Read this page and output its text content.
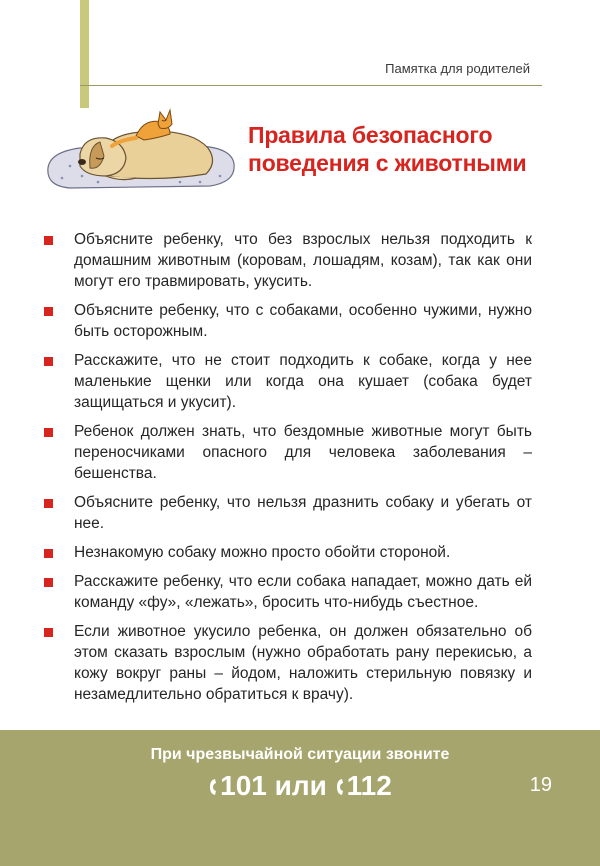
Памятка для родителей
Правила безопасного
поведения с животными
Объясните ребенку, что без взрослых нельзя подходить к домашним животным (коровам, лошадям, козам), так как они могут его травмировать, укусить.
Объясните ребенку, что с собаками, особенно чужими, нужно быть осторожным.
Расскажите, что не стоит подходить к собаке, когда у нее маленькие щенки или когда она кушает (собака будет защищаться и укусит).
Ребенок должен знать, что бездомные животные могут быть переносчиками опасного для человека заболевания – бешенства.
Объясните ребенку, что нельзя дразнить собаку и убегать от нее.
Незнакомую собаку можно просто обойти стороной.
Расскажите ребенку, что если собака нападает, можно дать ей команду «фу», «лежать», бросить что-нибудь съестное.
Если животное укусило ребенка, он должен обязательно об этом сказать взрослым (нужно обработать рану перекисью, а кожу вокруг раны – йодом, наложить стерильную повязку и незамедлительно обратиться к врачу).
При чрезвычайной ситуации звоните
101 или 112	19
